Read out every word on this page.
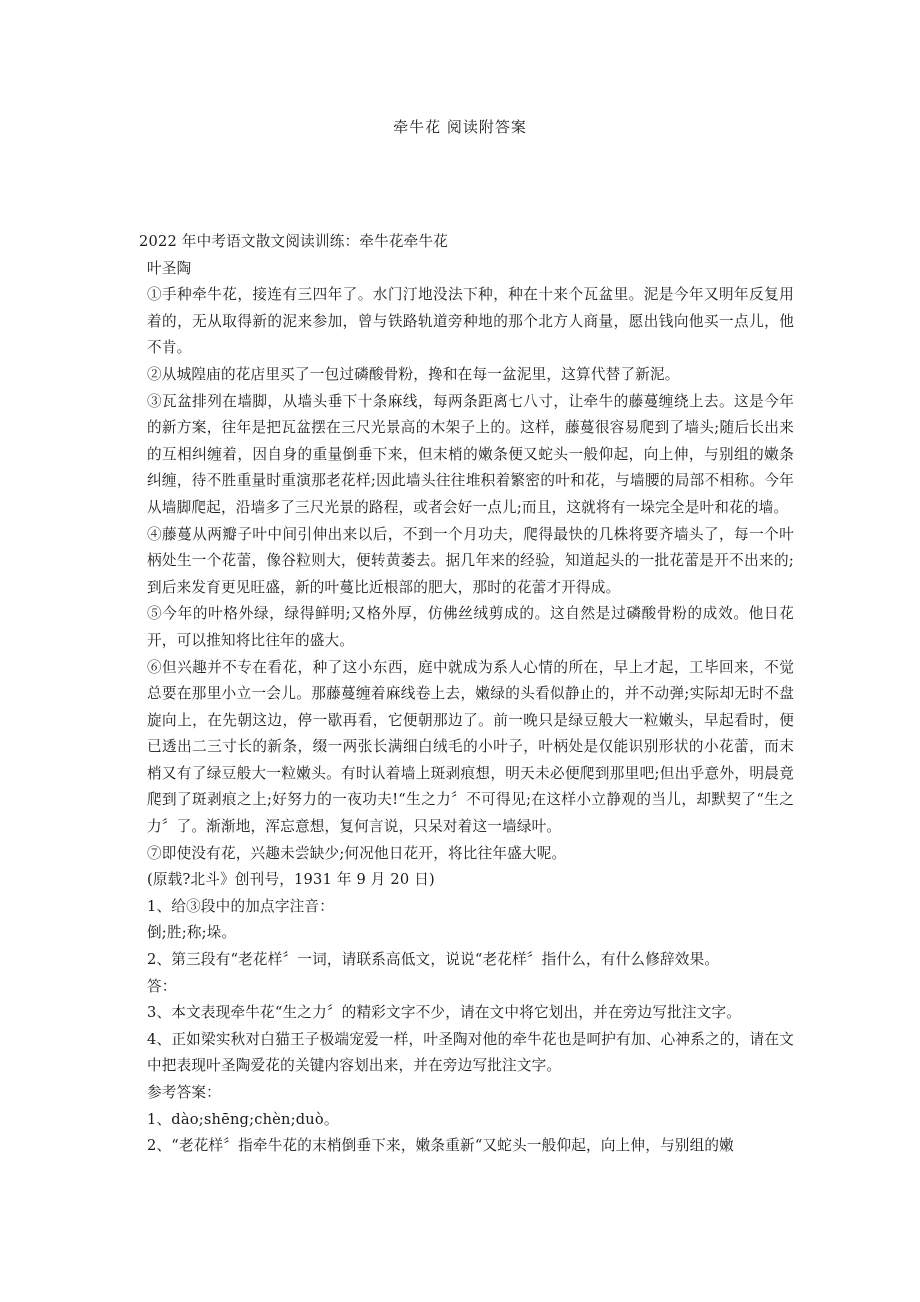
牵牛花 阅读附答案

2022 年中考语文散文阅读训练：牵牛花牵牛花

叶圣陶

①手种牵牛花，接连有三四年了。水门汀地没法下种，种在十来个瓦盆里。泥是今年又明年反复用着的，无从取得新的泥来参加，曾与铁路轨道旁种地的那个北方人商量，愿出钱向他买一点儿，他不肯。

②从城隍庙的花店里买了一包过磷酸骨粉，搀和在每一盆泥里，这算代替了新泥。

③瓦盆排列在墙脚，从墙头垂下十条麻线，每两条距离七八寸，让牵牛的藤蔓缠绕上去。这是今年的新方案，往年是把瓦盆摆在三尺光景高的木架子上的。这样，藤蔓很容易爬到了墙头;随后长出来的互相纠缠着，因自身的重量倒垂下来，但末梢的嫩条便又蛇头一般仰起，向上伸，与别组的嫩条纠缠，待不胜重量时重演那老花样;因此墙头往往堆积着繁密的叶和花，与墙腰的局部不相称。今年从墙脚爬起，沿墙多了三尺光景的路程，或者会好一点儿;而且，这就将有一垛完全是叶和花的墙。

④藤蔓从两瓣子叶中间引伸出来以后，不到一个月功夫，爬得最快的几株将要齐墙头了，每一个叶柄处生一个花蕾，像谷粒则大，便转黄萎去。据几年来的经验，知道起头的一批花蕾是开不出来的;到后来发育更见旺盛，新的叶蔓比近根部的肥大，那时的花蕾才开得成。

⑤今年的叶格外绿，绿得鲜明;又格外厚，仿佛丝绒剪成的。这自然是过磷酸骨粉的成效。他日花开，可以推知将比往年的盛大。

⑥但兴趣并不专在看花，种了这小东西，庭中就成为系人心情的所在，早上才起，工毕回来，不觉总要在那里小立一会儿。那藤蔓缠着麻线卷上去，嫩绿的头看似静止的，并不动弹;实际却无时不盘旋向上，在先朝这边，停一歇再看，它便朝那边了。前一晚只是绿豆般大一粒嫩头，早起看时，便已透出二三寸长的新条，缀一两张长满细白绒毛的小叶子，叶柄处是仅能识别形状的小花蕾，而末梢又有了绿豆般大一粒嫩头。有时认着墙上斑剥痕想，明天未必便爬到那里吧;但出乎意外，明晨竟爬到了斑剥痕之上;好努力的一夜功夫!“生之力〞不可得见;在这样小立静观的当儿，却默契了“生之力〞了。渐渐地，浑忘意想，复何言说，只呆对着这一墙绿叶。

⑦即使没有花，兴趣未尝缺少;何况他日花开，将比往年盛大呢。

(原载?北斗》创刊号，1931 年 9 月 20 日)

1、给③段中的加点字注音：

倒;胜;称;垛。

2、第三段有“老花样〞一词，请联系高低文，说说“老花样〞指什么，有什么修辞效果。

答：

3、本文表现牵牛花“生之力〞的精彩文字不少，请在文中将它划出，并在旁边写批注文字。

4、正如梁实秋对白猫王子极端宠爱一样，叶圣陶对他的牵牛花也是呵护有加、心神系之的，请在文中把表现叶圣陶爱花的关键内容划出来，并在旁边写批注文字。

参考答案：

1、dào;shēng;chèn;duò。

2、“老花样〞指牵牛花的末梢倒垂下来，嫩条重新“又蛇头一般仰起，向上伸，与别组的嫩
